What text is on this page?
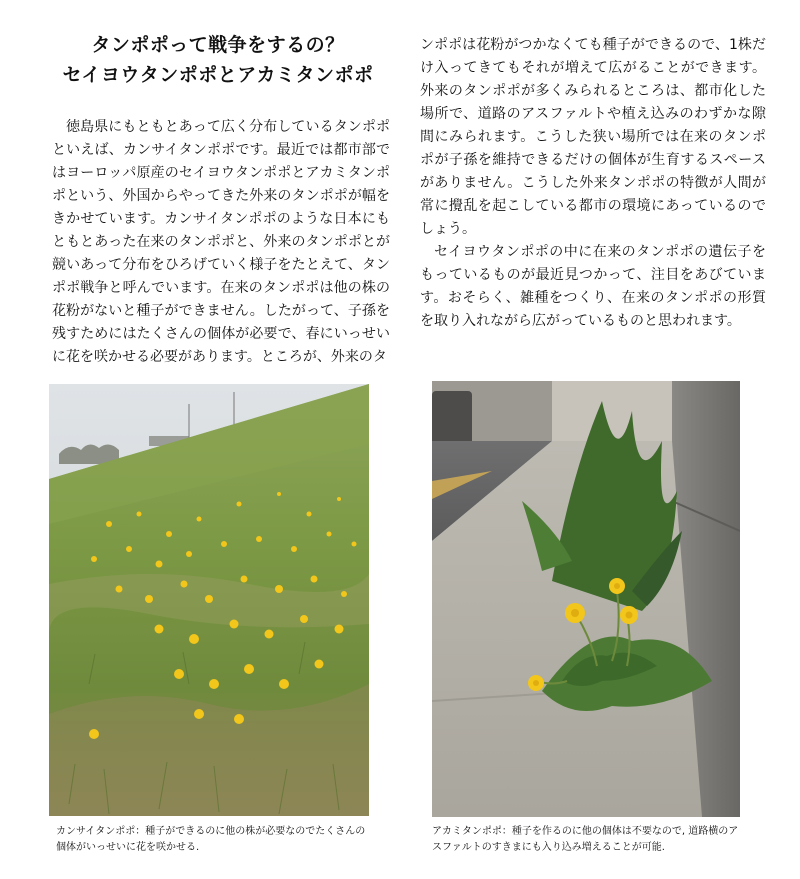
タンポポって戦争をするの？
セイヨウタンポポとアカミタンポポ

徳島県にもともとあって広く分布しているタンポポといえば、カンサイタンポポです。最近では都市部ではヨーロッパ原産のセイヨウタンポポとアカミタンポポという、外国からやってきた外来のタンポポが幅をきかせています。カンサイタンポポのような日本にもともとあった在来のタンポポと、外来のタンポポとが競いあって分布をひろげていく様子をたとえて、タンポポ戦争と呼んでいます。在来のタンポポは他の株の花粉がないと種子ができません。したがって、子孫を残すためにはたくさんの個体が必要で、春にいっせいに花を咲かせる必要があります。ところが、外来のタ

ンポポは花粉がつかなくても種子ができるので、1株だけ入ってきてもそれが増えて広がることができます。外来のタンポポが多くみられるところは、都市化した場所で、道路のアスファルトや植え込みのわずかな隙間にみられます。こうした狭い場所では在来のタンポポが子孫を維持できるだけの個体が生育するスペースがありません。こうした外来タンポポの特徴が人間が常に攪乱を起こしている都市の環境にあっているのでしょう。

セイヨウタンポポの中に在来のタンポポの遺伝子をもっているものが最近見つかって、注目をあびています。おそらく、雑種をつくり、在来のタンポポの形質を取り入れながら広がっているものと思われます。

カンサイタンポポ：種子ができるのに他の株が必要なのでたくさんの個体がいっせいに花を咲かせる.

アカミタンポポ：種子を作るのに他の個体は不要なので, 道路横のアスファルトのすきまにも入り込み増えることが可能.
